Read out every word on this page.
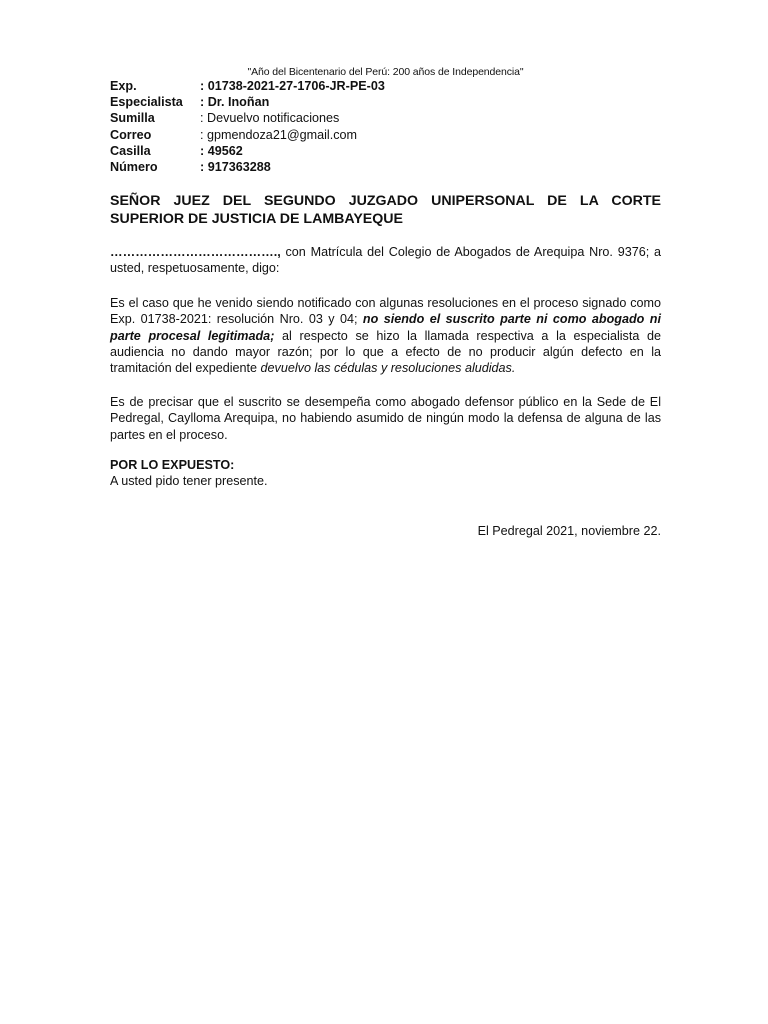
"Año del Bicentenario del Perú: 200 años de Independencia"
Exp.	: 01738-2021-27-1706-JR-PE-03
Especialista	: Dr. Inoñan
Sumilla	: Devuelvo notificaciones
Correo	: gpmendoza21@gmail.com
Casilla	: 49562
Número	: 917363288
SEÑOR JUEZ DEL SEGUNDO JUZGADO UNIPERSONAL DE LA CORTE SUPERIOR DE JUSTICIA DE LAMBAYEQUE
…………………………………., con Matrícula del Colegio de Abogados de Arequipa Nro. 9376; a usted, respetuosamente, digo:
Es el caso que he venido siendo notificado con algunas resoluciones en el proceso signado como Exp. 01738-2021: resolución Nro. 03 y 04; no siendo el suscrito parte ni como abogado ni parte procesal legitimada; al respecto se hizo la llamada respectiva a la especialista de audiencia no dando mayor razón; por lo que a efecto de no producir algún defecto en la tramitación del expediente devuelvo las cédulas y resoluciones aludidas.
Es de precisar que el suscrito se desempeña como abogado defensor público en la Sede de El Pedregal, Caylloma Arequipa, no habiendo asumido de ningún modo la defensa de alguna de las partes en el proceso.
POR LO EXPUESTO:
A usted pido tener presente.
El Pedregal 2021, noviembre 22.
